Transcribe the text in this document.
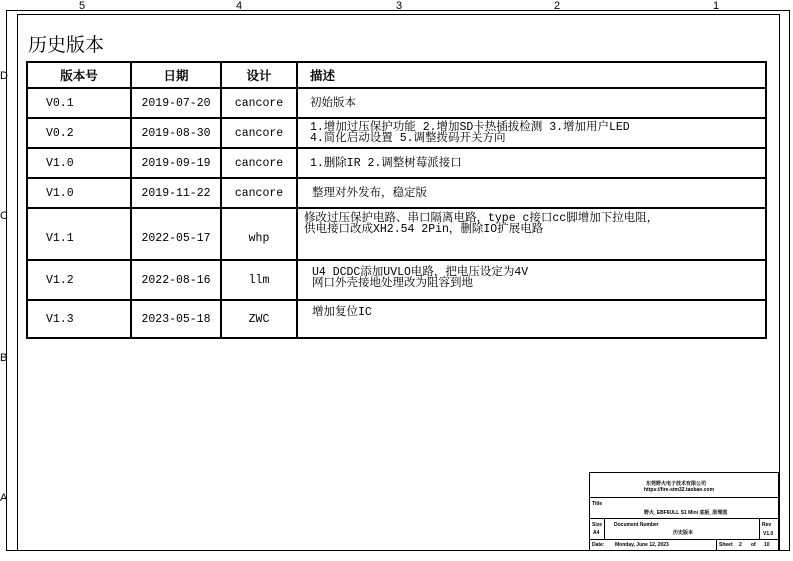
5	4	3	2	1
D
C
B
A
历史版本
版本号	日期	设计	描述
V0.1	2019-07-20	cancore	初始版本

V0.2	2019-08-30	cancore	1.增加过压保护功能 2.增加SD卡热插拔检测 3.增加用户LED
4.简化启动设置 5.调整拨码开关方向

V1.0	2019-09-19	cancore	1.删除IR 2.调整树莓派接口

V1.0	2019-11-22	cancore	整理对外发布，稳定版

V1.1	2022-05-17	whp	修改过压保护电路、串口隔离电路，type c接口cc脚增加下拉电阻，
供电接口改成XH2.54 2Pin，删除IO扩展电路

V1.2	2022-08-16	llm	U4 DCDC添加UVLO电路，把电压设定为4V
网口外壳接地处理改为阻容到地

V1.3	2023-05-18	ZWC	增加复位IC
东莞野火电子技术有限公司
https://fire-stm32.taobao.com
Title
野火_EBF6ULL S1 Mini 底板_原理图
Size
A4
Document Number
历史版本
Rev
V1.0
Date: Monday, June 12, 2023	Sheet 2 of 10
